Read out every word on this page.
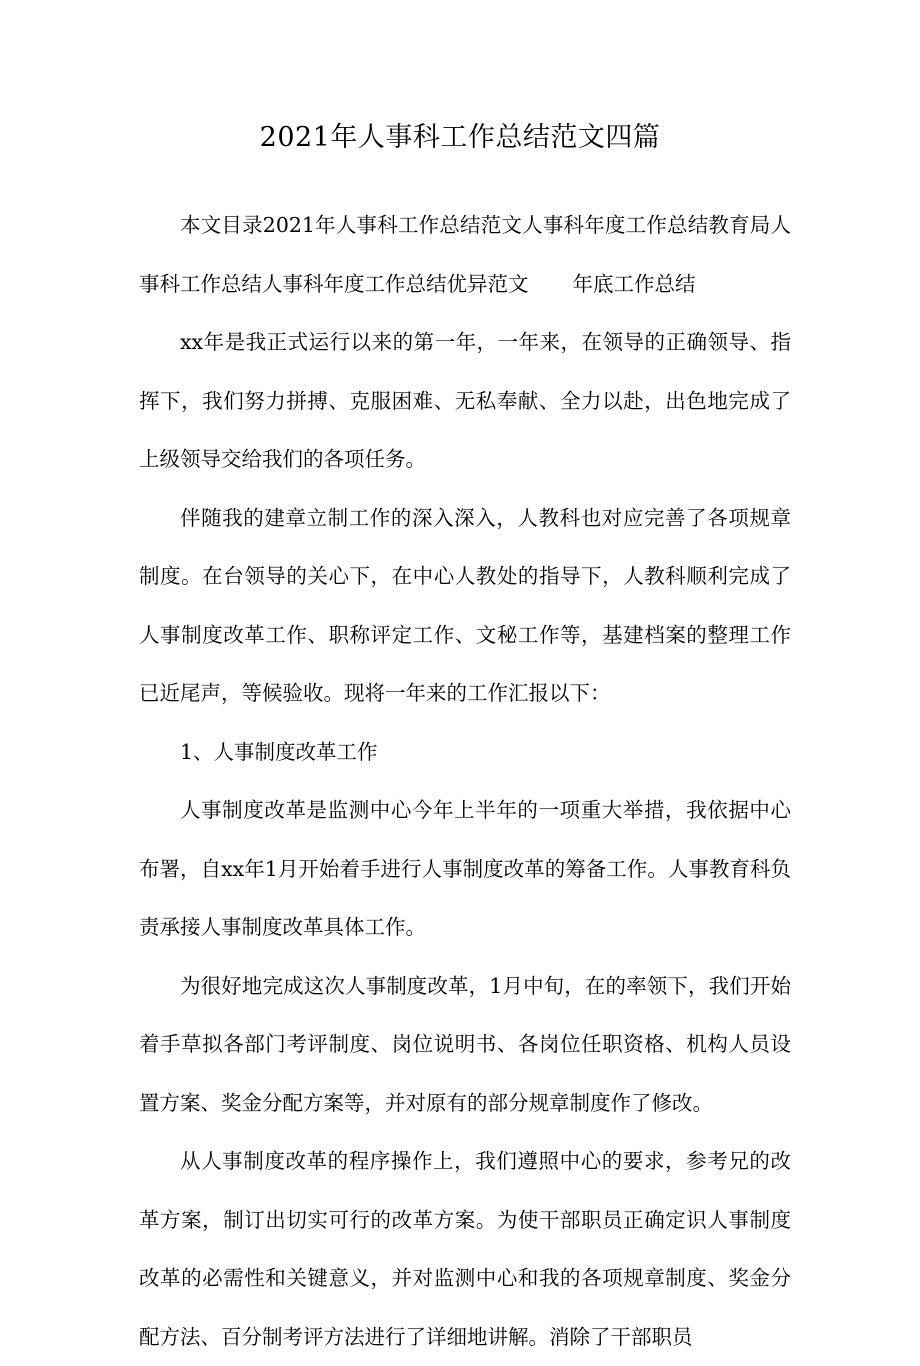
2021年人事科工作总结范文四篇

本文目录2021年人事科工作总结范文人事科年度工作总结教育局人事科工作总结人事科年度工作总结优异范文 年底工作总结

xx年是我正式运行以来的第一年，一年来，在领导的正确领导、指挥下，我们努力拼搏、克服困难、无私奉献、全力以赴，出色地完成了上级领导交给我们的各项任务。

伴随我的建章立制工作的深入深入，人教科也对应完善了各项规章制度。在台领导的关心下，在中心人教处的指导下，人教科顺利完成了人事制度改革工作、职称评定工作、文秘工作等，基建档案的整理工作已近尾声，等候验收。现将一年来的工作汇报以下：

1、人事制度改革工作

人事制度改革是监测中心今年上半年的一项重大举措，我依据中心布署，自xx年1月开始着手进行人事制度改革的筹备工作。人事教育科负责承接人事制度改革具体工作。

为很好地完成这次人事制度改革，1月中旬，在的率领下，我们开始着手草拟各部门考评制度、岗位说明书、各岗位任职资格、机构人员设置方案、奖金分配方案等，并对原有的部分规章制度作了修改。

从人事制度改革的程序操作上，我们遵照中心的要求，参考兄的改革方案，制订出切实可行的改革方案。为使干部职员正确定识人事制度改革的必需性和关键意义，并对监测中心和我的各项规章制度、奖金分配方法、百分制考评方法进行了详细地讲解。消除了干部职员
